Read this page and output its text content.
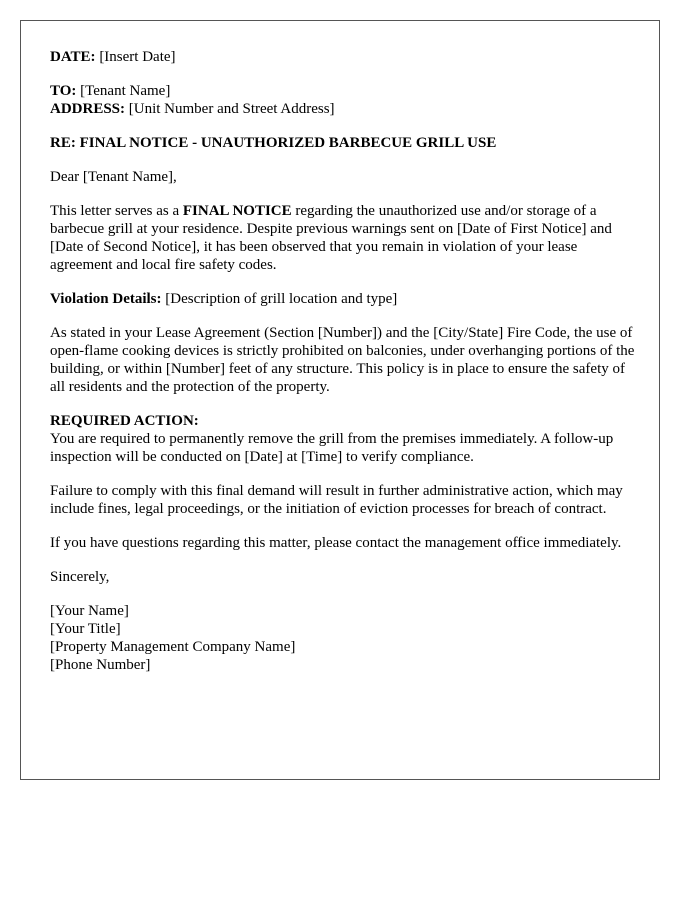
DATE: [Insert Date]

TO: [Tenant Name]

ADDRESS: [Unit Number and Street Address]

RE: FINAL NOTICE - UNAUTHORIZED BARBECUE GRILL USE

Dear [Tenant Name],

This letter serves as a FINAL NOTICE regarding the unauthorized use and/or storage of a barbecue grill at your residence. Despite previous warnings sent on [Date of First Notice] and [Date of Second Notice], it has been observed that you remain in violation of your lease agreement and local fire safety codes.

Violation Details: [Description of grill location and type]

As stated in your Lease Agreement (Section [Number]) and the [City/State] Fire Code, the use of open-flame cooking devices is strictly prohibited on balconies, under overhanging portions of the building, or within [Number] feet of any structure. This policy is in place to ensure the safety of all residents and the protection of the property.

REQUIRED ACTION:

You are required to permanently remove the grill from the premises immediately. A follow-up inspection will be conducted on [Date] at [Time] to verify compliance.

Failure to comply with this final demand will result in further administrative action, which may include fines, legal proceedings, or the initiation of eviction processes for breach of contract.

If you have questions regarding this matter, please contact the management office immediately.

Sincerely,

[Your Name]
[Your Title]
[Property Management Company Name]
[Phone Number]
